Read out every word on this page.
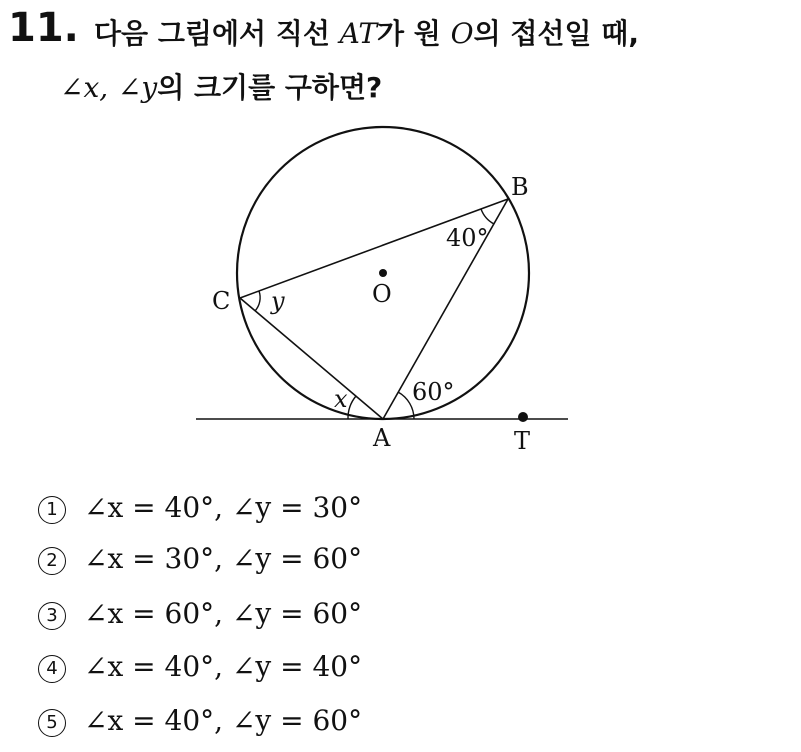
11. 다음 그림에서 직선 AT가 원 O의 접선일 때,
∠x, ∠y의 크기를 구하면?
B
C	O
A	T
40°
60°
x
y
1 ∠x = 40°, ∠y = 30°
2 ∠x = 30°, ∠y = 60°
3 ∠x = 60°, ∠y = 60°
4 ∠x = 40°, ∠y = 40°
5 ∠x = 40°, ∠y = 60°
